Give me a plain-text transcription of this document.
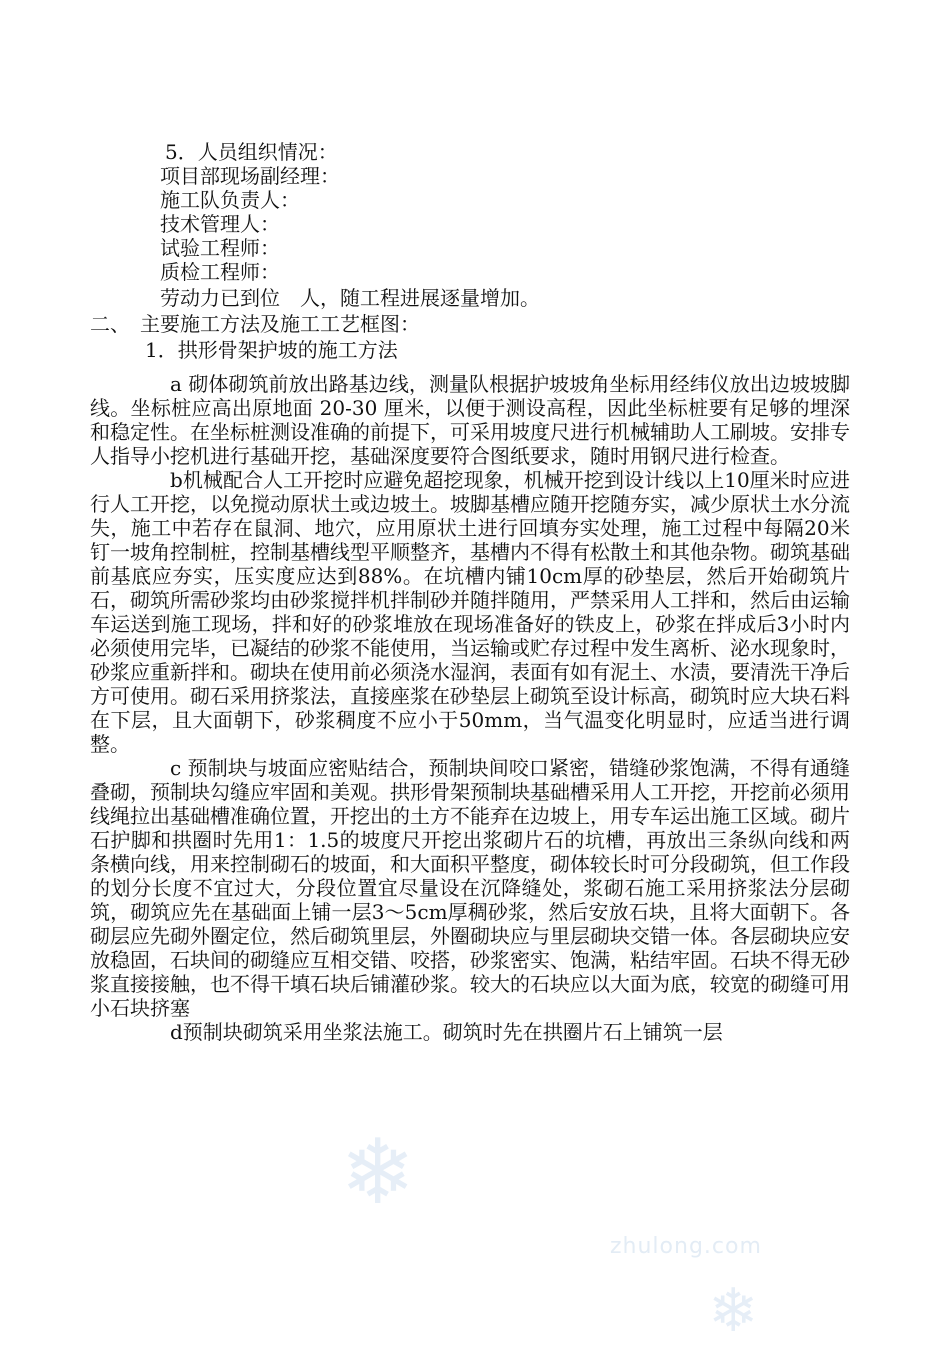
5．人员组织情况：
项目部现场副经理：
施工队负责人：
技术管理人：
试验工程师：
质检工程师：
劳动力已到位　人，随工程进展逐量增加。
二、　主要施工方法及施工工艺框图：
1．拱形骨架护坡的施工方法

a 砌体砌筑前放出路基边线，测量队根据护坡坡角坐标用经纬仪放出边坡坡脚线。坐标桩应高出原地面 20-30 厘米，以便于测设高程，因此坐标桩要有足够的埋深和稳定性。在坐标桩测设准确的前提下，可采用坡度尺进行机械辅助人工刷坡。安排专人指导小挖机进行基础开挖，基础深度要符合图纸要求，随时用钢尺进行检查。

b机械配合人工开挖时应避免超挖现象，机械开挖到设计线以上10厘米时应进行人工开挖，以免搅动原状土或边坡土。坡脚基槽应随开挖随夯实，减少原状土水分流失，施工中若存在鼠洞、地穴，应用原状土进行回填夯实处理，施工过程中每隔20米钉一坡角控制桩，控制基槽线型平顺整齐，基槽内不得有松散土和其他杂物。砌筑基础前基底应夯实，压实度应达到88%。在坑槽内铺10cm厚的砂垫层，然后开始砌筑片石，砌筑所需砂浆均由砂浆搅拌机拌制砂并随拌随用，严禁采用人工拌和，然后由运输车运送到施工现场，拌和好的砂浆堆放在现场准备好的铁皮上，砂浆在拌成后3小时内必须使用完毕，已凝结的砂浆不能使用，当运输或贮存过程中发生离析、泌水现象时，砂浆应重新拌和。砌块在使用前必须浇水湿润，表面有如有泥土、水渍，要清洗干净后方可使用。砌石采用挤浆法，直接座浆在砂垫层上砌筑至设计标高，砌筑时应大块石料在下层，且大面朝下，砂浆稠度不应小于50mm，当气温变化明显时，应适当进行调整。

c 预制块与坡面应密贴结合，预制块间咬口紧密，错缝砂浆饱满，不得有通缝叠砌，预制块勾缝应牢固和美观。拱形骨架预制块基础槽采用人工开挖，开挖前必须用线绳拉出基础槽准确位置，开挖出的土方不能弃在边坡上，用专车运出施工区域。砌片石护脚和拱圈时先用1：1.5的坡度尺开挖出浆砌片石的坑槽，再放出三条纵向线和两条横向线，用来控制砌石的坡面，和大面积平整度，砌体较长时可分段砌筑，但工作段的划分长度不宜过大，分段位置宜尽量设在沉降缝处，浆砌石施工采用挤浆法分层砌筑，砌筑应先在基础面上铺一层3～5cm厚稠砂浆，然后安放石块，且将大面朝下。各砌层应先砌外圈定位，然后砌筑里层，外圈砌块应与里层砌块交错一体。各层砌块应安放稳固，石块间的砌缝应互相交错、咬搭，砂浆密实、饱满，粘结牢固。石块不得无砂浆直接接触，也不得干填石块后铺灌砂浆。较大的石块应以大面为底，较宽的砌缝可用小石块挤塞

d预制块砌筑采用坐浆法施工。砌筑时先在拱圈片石上铺筑一层

❄
❄
zhulong.com
